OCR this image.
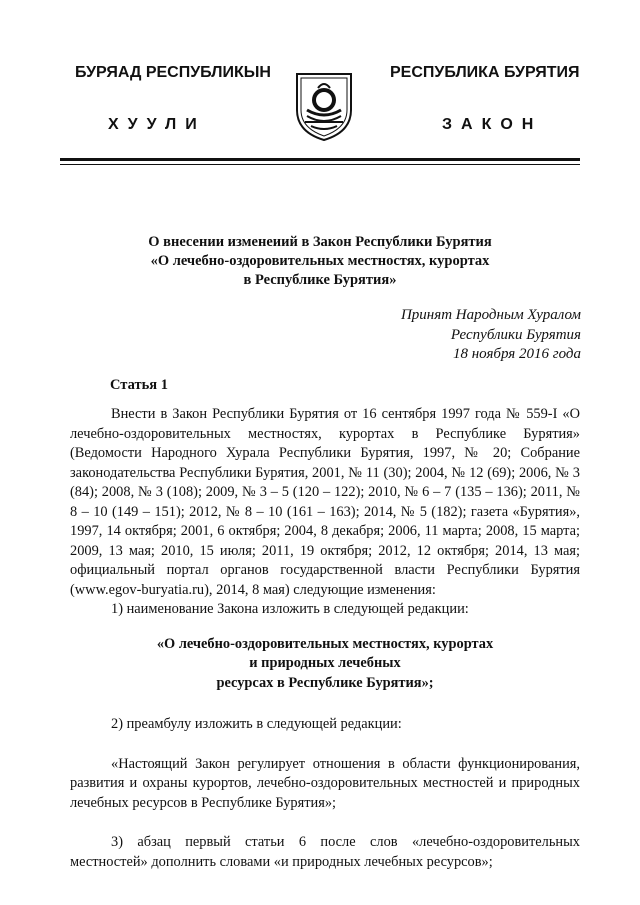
БУРЯАД РЕСПУБЛИКЫН	РЕСПУБЛИКА БУРЯТИЯ
ХУУЛИ	ЗАКОН
О внесении изменеиий в Закон Республики Бурятия
«О лечебно-оздоровительных местностях, курортах
в Республике Бурятия»
Принят Народным Хуралом
Республики Бурятия
18 ноября 2016 года
Статья 1

Внести в Закон Республики Бурятия от 16 сентября 1997 года № 559-I «О лечебно-оздоровительных местностях, курортах в Республике Бурятия» (Ведомости Народного Хурала Республики Бурятия, 1997, № 20; Собрание законодательства Республики Бурятия, 2001, № 11 (30); 2004, № 12 (69); 2006, № 3 (84); 2008, № 3 (108); 2009, № 3 – 5 (120 – 122); 2010, № 6 – 7 (135 – 136); 2011, № 8 – 10 (149 – 151); 2012, № 8 – 10 (161 – 163); 2014, № 5 (182); газета «Бурятия», 1997, 14 октября; 2001, 6 октября; 2004, 8 декабря; 2006, 11 марта; 2008, 15 марта; 2009, 13 мая; 2010, 15 июля; 2011, 19 октября; 2012, 12 октября; 2014, 13 мая; официальный портал органов государственной власти Республики Бурятия (www.egov-buryatia.ru), 2014, 8 мая) следующие изменения:

1) наименование Закона изложить в следующей редакции:

«О лечебно-оздоровительных местностях, курортах
и природных лечебных
ресурсах в Республике Бурятия»;

2) преамбулу изложить в следующей редакции:

«Настоящий Закон регулирует отношения в области функционирования, развития и охраны курортов, лечебно-оздоровительных местностей и природных лечебных ресурсов в Республике Бурятия»;

3) абзац первый статьи 6 после слов «лечебно-оздоровительных местностей» дополнить словами «и природных лечебных ресурсов»;
